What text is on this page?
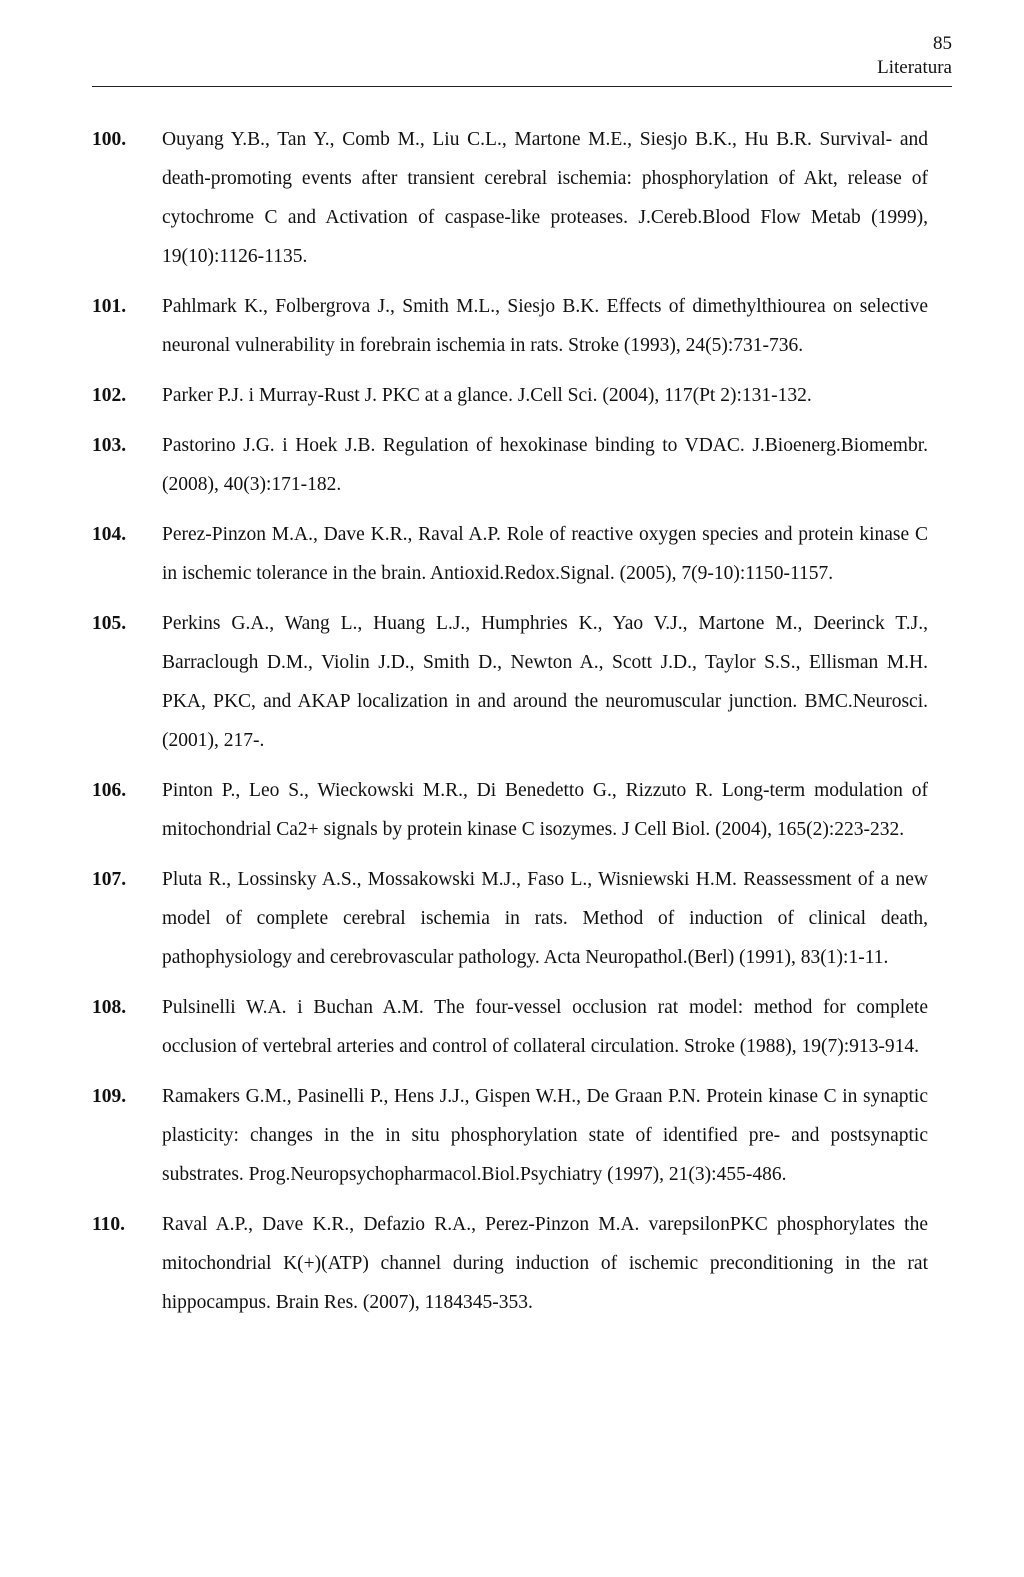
85
Literatura
100.	Ouyang Y.B., Tan Y., Comb M., Liu C.L., Martone M.E., Siesjo B.K., Hu B.R. Survival- and death-promoting events after transient cerebral ischemia: phosphorylation of Akt, release of cytochrome C and Activation of caspase-like proteases. J.Cereb.Blood Flow Metab (1999), 19(10):1126-1135.
101.	Pahlmark K., Folbergrova J., Smith M.L., Siesjo B.K. Effects of dimethylthiourea on selective neuronal vulnerability in forebrain ischemia in rats. Stroke (1993), 24(5):731-736.
102.	Parker P.J. i Murray-Rust J. PKC at a glance. J.Cell Sci. (2004), 117(Pt 2):131-132.
103.	Pastorino J.G. i Hoek J.B. Regulation of hexokinase binding to VDAC. J.Bioenerg.Biomembr. (2008), 40(3):171-182.
104.	Perez-Pinzon M.A., Dave K.R., Raval A.P. Role of reactive oxygen species and protein kinase C in ischemic tolerance in the brain. Antioxid.Redox.Signal. (2005), 7(9-10):1150-1157.
105.	Perkins G.A., Wang L., Huang L.J., Humphries K., Yao V.J., Martone M., Deerinck T.J., Barraclough D.M., Violin J.D., Smith D., Newton A., Scott J.D., Taylor S.S., Ellisman M.H. PKA, PKC, and AKAP localization in and around the neuromuscular junction. BMC.Neurosci. (2001), 217-.
106.	Pinton P., Leo S., Wieckowski M.R., Di Benedetto G., Rizzuto R. Long-term modulation of mitochondrial Ca2+ signals by protein kinase C isozymes. J Cell Biol. (2004), 165(2):223-232.
107.	Pluta R., Lossinsky A.S., Mossakowski M.J., Faso L., Wisniewski H.M. Reassessment of a new model of complete cerebral ischemia in rats. Method of induction of clinical death, pathophysiology and cerebrovascular pathology. Acta Neuropathol.(Berl) (1991), 83(1):1-11.
108.	Pulsinelli W.A. i Buchan A.M. The four-vessel occlusion rat model: method for complete occlusion of vertebral arteries and control of collateral circulation. Stroke (1988), 19(7):913-914.
109.	Ramakers G.M., Pasinelli P., Hens J.J., Gispen W.H., De Graan P.N. Protein kinase C in synaptic plasticity: changes in the in situ phosphorylation state of identified pre- and postsynaptic substrates. Prog.Neuropsychopharmacol.Biol.Psychiatry (1997), 21(3):455-486.
110.	Raval A.P., Dave K.R., Defazio R.A., Perez-Pinzon M.A. varepsilonPKC phosphorylates the mitochondrial K(+)(ATP) channel during induction of ischemic preconditioning in the rat hippocampus. Brain Res. (2007), 1184345-353.
